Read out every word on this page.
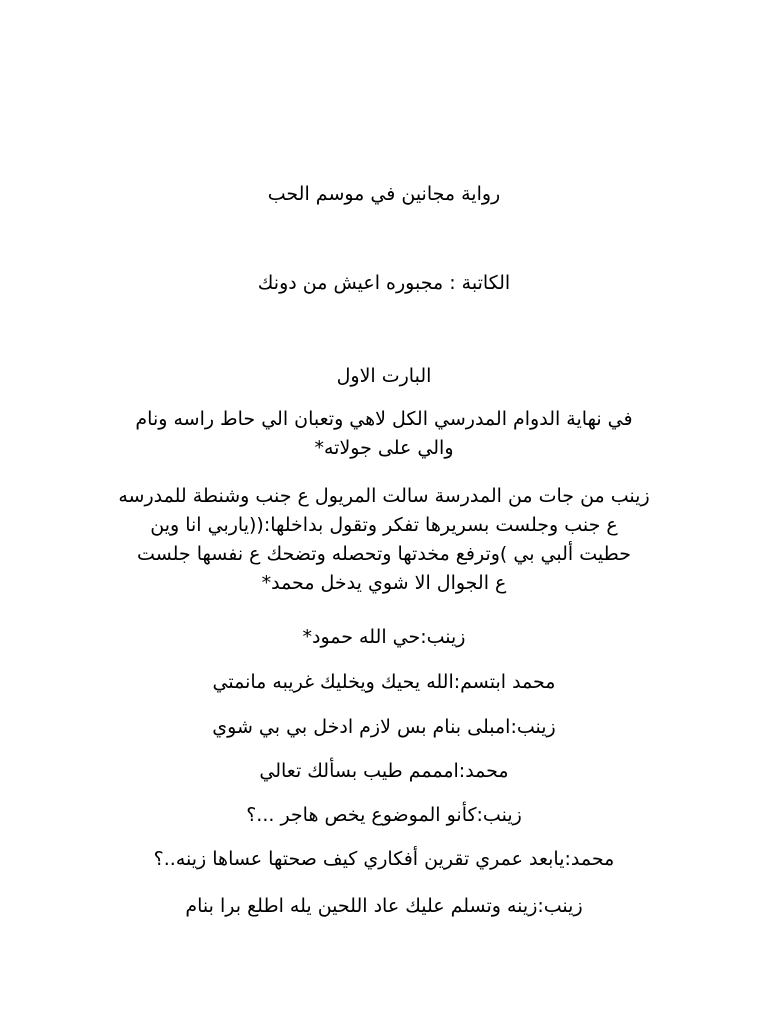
رواية مجانين في موسم الحب
الكاتبة : مجبوره اعيش من دونك
البارت الاول
في نهاية الدوام المدرسي الكل لاهي وتعبان الي حاط راسه ونام
والي على جولاته*
زينب من جات من المدرسة سالت المريول ع جنب وشنطة للمدرسه
ع جنب وجلست بسريرها تفكر وتقول بداخلها:((ياربي انا وين
حطيت ألبي بي )وترفع مخدتها وتحصله وتضحك ع نفسها جلست
ع الجوال الا شوي يدخل محمد*
زينب:حي الله حمود*
محمد ابتسم:الله يحيك ويخليك غريبه مانمتي
زينب:امبلى بنام بس لازم ادخل بي بي شوي
محمد:امممم طيب بسألك تعالي
زينب:كأنو الموضوع يخص هاجر ...؟
محمد:يابعد عمري تقرين أفكاري كيف صحتها عساها زينه..؟
زينب:زينه وتسلم عليك عاد اللحين يله اطلع برا بنام
